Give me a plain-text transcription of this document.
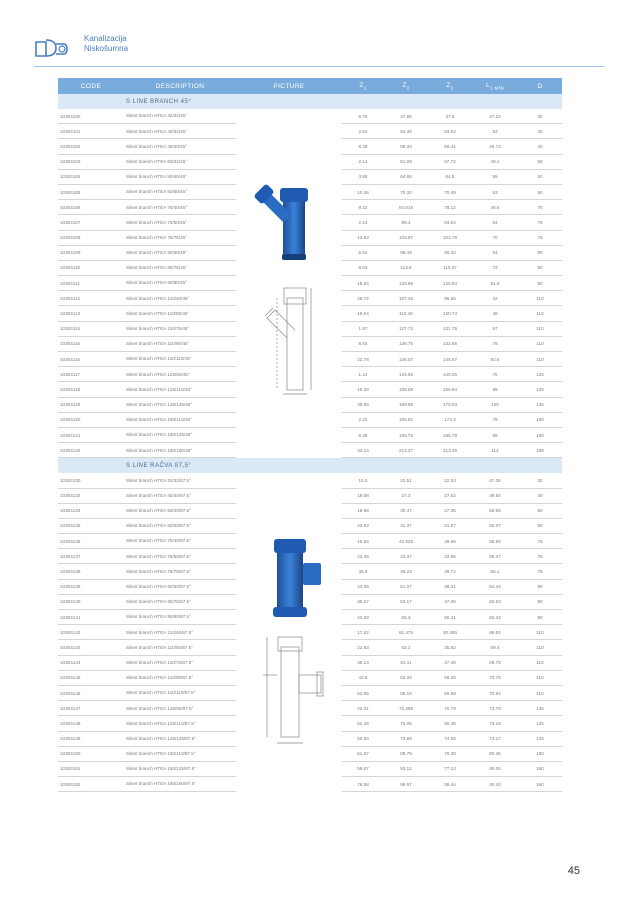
Kanalizacija
Niskošumna
CODE	DESCRIPTION	PICTURE	$Z_1$	$Z_2$	$Z_3$	$L_{1 MIN}$	D
	S LINE BRANCH 45°						
10304100	Silent branch HTEA 32/32/45°		6.78	47.68	47.6	47.22	32
10304101	Silent branch HTEA 40/32/45°		2.64	54.48	53.64	52	40
10304102	Silent branch HTEA 40/40/45°		8.28	59.34	59.41	49.72	40
10304103	Silent branch HTEA 50/32/45°		2.14	61.09	57.72	48.1	50
10304104	Silent branch HTEA 50/40/45°		3.59	64.65	64.5	55	50
10304105	Silent branch HTEA 50/50/45°		10.36	70.32	70.49	63	50
10304106	Silent branch HTEA 75/40/45°		9.22	84.015	78.12	46.5	75
10304107	Silent branch HTEA 75/50/45°		2.14	88.4	83.84	54	75
10304108	Silent branch HTEA 75/75/45°		13.53	103.87	103.79	70	75
10304109	Silent branch HTEA 90/50/45°		5.64	98.49	90.32	54	90
10304110	Silent branch HTEA 90/75/45°		8.03	113.8	110.27	72	90
10304111	Silent branch HTEA 90/90/45°		18.64	120.98	120.84	81.5	90
10304112	Silent branch HTEA 110/40/45°		26.72	107.36	96.65	42	110
10304113	Silent branch HTEA 110/50/45°		19.64	112.46	120.74	49	110
10304114	Silent branch HTEA 110/75/45°		1.97	127.72	121.75	67	110
10304115	Silent branch HTEA 110/90/45°		8.64	136.75	132.65	76	110
10304116	Silent branch HTEA 110/110/45°		22.78	146.07	145.67	92.5	110
10304117	Silent branch HTEA 125/50/45°		1.14	144.65	140.05	75	125
10304118	Silent branch HTEA 125/110/45°		15.28	159.08	156.64	89	125
10304119	Silent branch HTEA 125/125/45°		35.89	169.58	170.03	100	125
10304120	Silent branch HTEA 160/110/45°		2.22	185.82	174.3	78	160
10304121	Silent branch HTEA 160/125/45°		8.39	193.75	186.78	89	160
10304122	Silent branch HTEA 160/160/45°		33.14	213.37	213.49	114	160
	S LINE RAČVA 87,5°						
10304130	Silent branch HTEA 32/32/87.5°		15.3	22.51	22.53	47.36	32
10304132	Silent branch HTEA 40/40/87.5°		19.08	27.3	27.62	49.92	40
10304134	Silent branch HTEA 50/40/87.5°		18.96	30.47	27.35	55.66	50
10304135	Silent branch HTEA 50/50/87.5°		23.93	31.37	31.57	52.07	50
10304136	Silent branch HTEA 75/40/87.5°		16.84	42.925	29.66	55.58	75
10304137	Silent branch HTEA 75/50/87.5°		23.39	43.37	33.96	55.47	75
10304138	Silent branch HTEA 75/75/87.5°		35.9	46.23	46.72	56.1	75
10304139	Silent branch HTEA 90/50/87.5°		23.06	51.07	38.31	64.44	90
10304140	Silent branch HTEA 90/75/87.5°		35.57	53.17	47.06	63.63	90
10304141	Silent branch HTEA 90/90/87.5°		43.08	55.3	55.41	63.42	90
10304142	Silent branch HTEA 110/40/87.5°		17.62	61.475	30.465	68.53	110
10304143	Silent branch HTEA 110/50/87.5°		22.63	62.2	35.82	69.4	110
10304144	Silent branch HTEA 110/75/87.5°		35.13	63.11	47.49	69.75	110
10304145	Silent branch HTEA 110/90/87.5°		42.6	63.32	56.25	70.75	110
10304146	Silent branch HTEA 110/110/87.5°		52.65	65.19	65.98	70.94	110
10304147	Silent branch HTEA 125/90/87.5°		42.31	72.485	70.79	73.79	125
10304148	Silent branch HTEA 125/110/87.5°		52.48	75.05	66.48	73.19	125
10304149	Silent branch HTEA 125/125/87.5°		59.83	73.89	74.55	73.17	125
10304150	Silent branch HTEA 160/110/87.5°		51.67	89.79	70.39	80.45	160
10304151	Silent branch HTEA 160/125/87.5°		59.07	93.12	77.12	80.06	160
10304152	Silent branch HTEA 160/160/87.5°		76.58	99.97	98.44	80.42	160
45
